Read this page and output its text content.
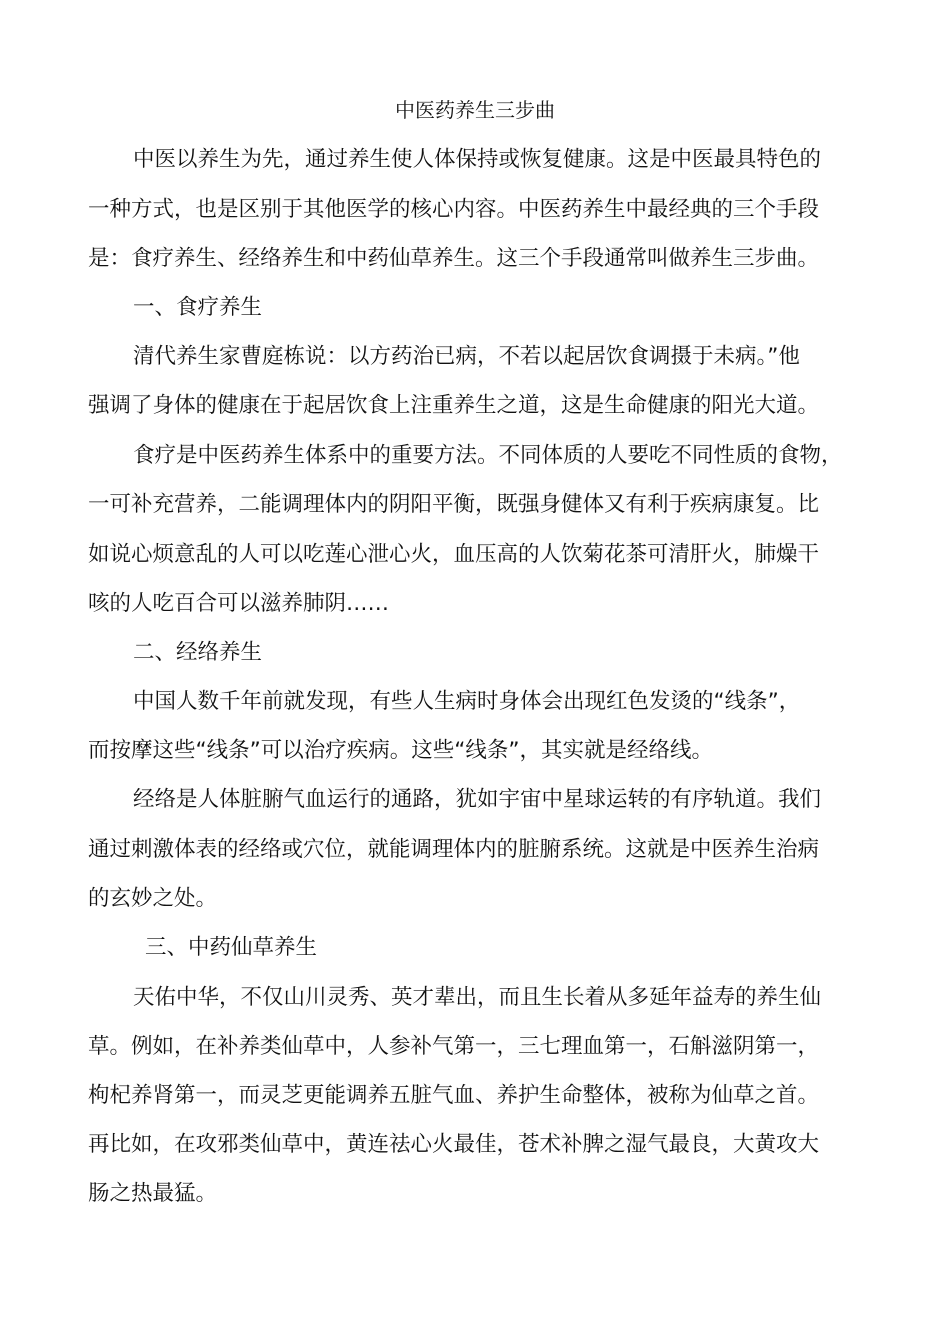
中医药养生三步曲
中医以养生为先，通过养生使人体保持或恢复健康。这是中医最具特色的
一种方式，也是区别于其他医学的核心内容。中医药养生中最经典的三个手段
是：食疗养生、经络养生和中药仙草养生。这三个手段通常叫做养生三步曲。
一、食疗养生
清代养生家曹庭栋说：以方药治已病，不若以起居饮食调摄于未病。”他
强调了身体的健康在于起居饮食上注重养生之道，这是生命健康的阳光大道。
食疗是中医药养生体系中的重要方法。不同体质的人要吃不同性质的食物，
一可补充营养，二能调理体内的阴阳平衡，既强身健体又有利于疾病康复。比
如说心烦意乱的人可以吃莲心泄心火，血压高的人饮菊花茶可清肝火，肺燥干
咳的人吃百合可以滋养肺阴……
二、经络养生
中国人数千年前就发现，有些人生病时身体会出现红色发烫的“线条”，
而按摩这些“线条”可以治疗疾病。这些“线条”，其实就是经络线。
经络是人体脏腑气血运行的通路，犹如宇宙中星球运转的有序轨道。我们
通过刺激体表的经络或穴位，就能调理体内的脏腑系统。这就是中医养生治病
的玄妙之处。
三、中药仙草养生
天佑中华，不仅山川灵秀、英才辈出，而且生长着从多延年益寿的养生仙
草。例如，在补养类仙草中，人参补气第一，三七理血第一，石斛滋阴第一，
枸杞养肾第一，而灵芝更能调养五脏气血、养护生命整体，被称为仙草之首。
再比如，在攻邪类仙草中，黄连祛心火最佳，苍术补脾之湿气最良，大黄攻大
肠之热最猛。
